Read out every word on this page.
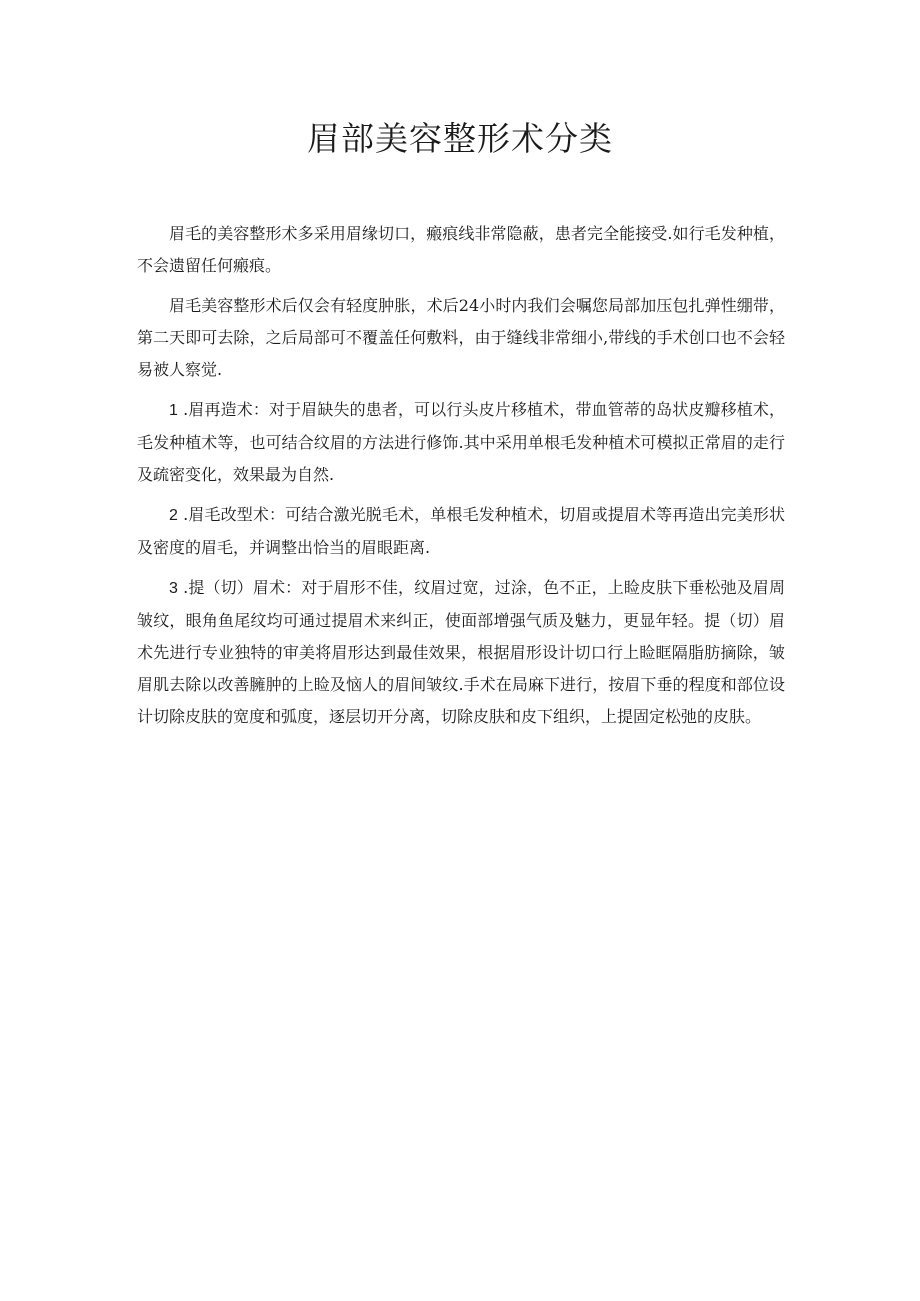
眉部美容整形术分类

眉毛的美容整形术多采用眉缘切口，瘢痕线非常隐蔽，患者完全能接受.如行毛发种植，不会遗留任何瘢痕。

眉毛美容整形术后仅会有轻度肿胀，术后24小时内我们会嘱您局部加压包扎弹性绷带，第二天即可去除，之后局部可不覆盖任何敷料，由于缝线非常细小,带线的手术创口也不会轻易被人察觉.

1 .眉再造术：对于眉缺失的患者，可以行头皮片移植术，带血管蒂的岛状皮瓣移植术，毛发种植术等，也可结合纹眉的方法进行修饰.其中采用单根毛发种植术可模拟正常眉的走行及疏密变化，效果最为自然.

2 .眉毛改型术：可结合激光脱毛术，单根毛发种植术，切眉或提眉术等再造出完美形状及密度的眉毛，并调整出恰当的眉眼距离.

3 .提（切）眉术：对于眉形不佳，纹眉过宽，过涂，色不正，上睑皮肤下垂松弛及眉周皱纹，眼角鱼尾纹均可通过提眉术来纠正，使面部增强气质及魅力，更显年轻。提（切）眉术先进行专业独特的审美将眉形达到最佳效果，根据眉形设计切口行上睑眶隔脂肪摘除，皱眉肌去除以改善臃肿的上睑及恼人的眉间皱纹.手术在局麻下进行，按眉下垂的程度和部位设计切除皮肤的宽度和弧度，逐层切开分离，切除皮肤和皮下组织，上提固定松弛的皮肤。
